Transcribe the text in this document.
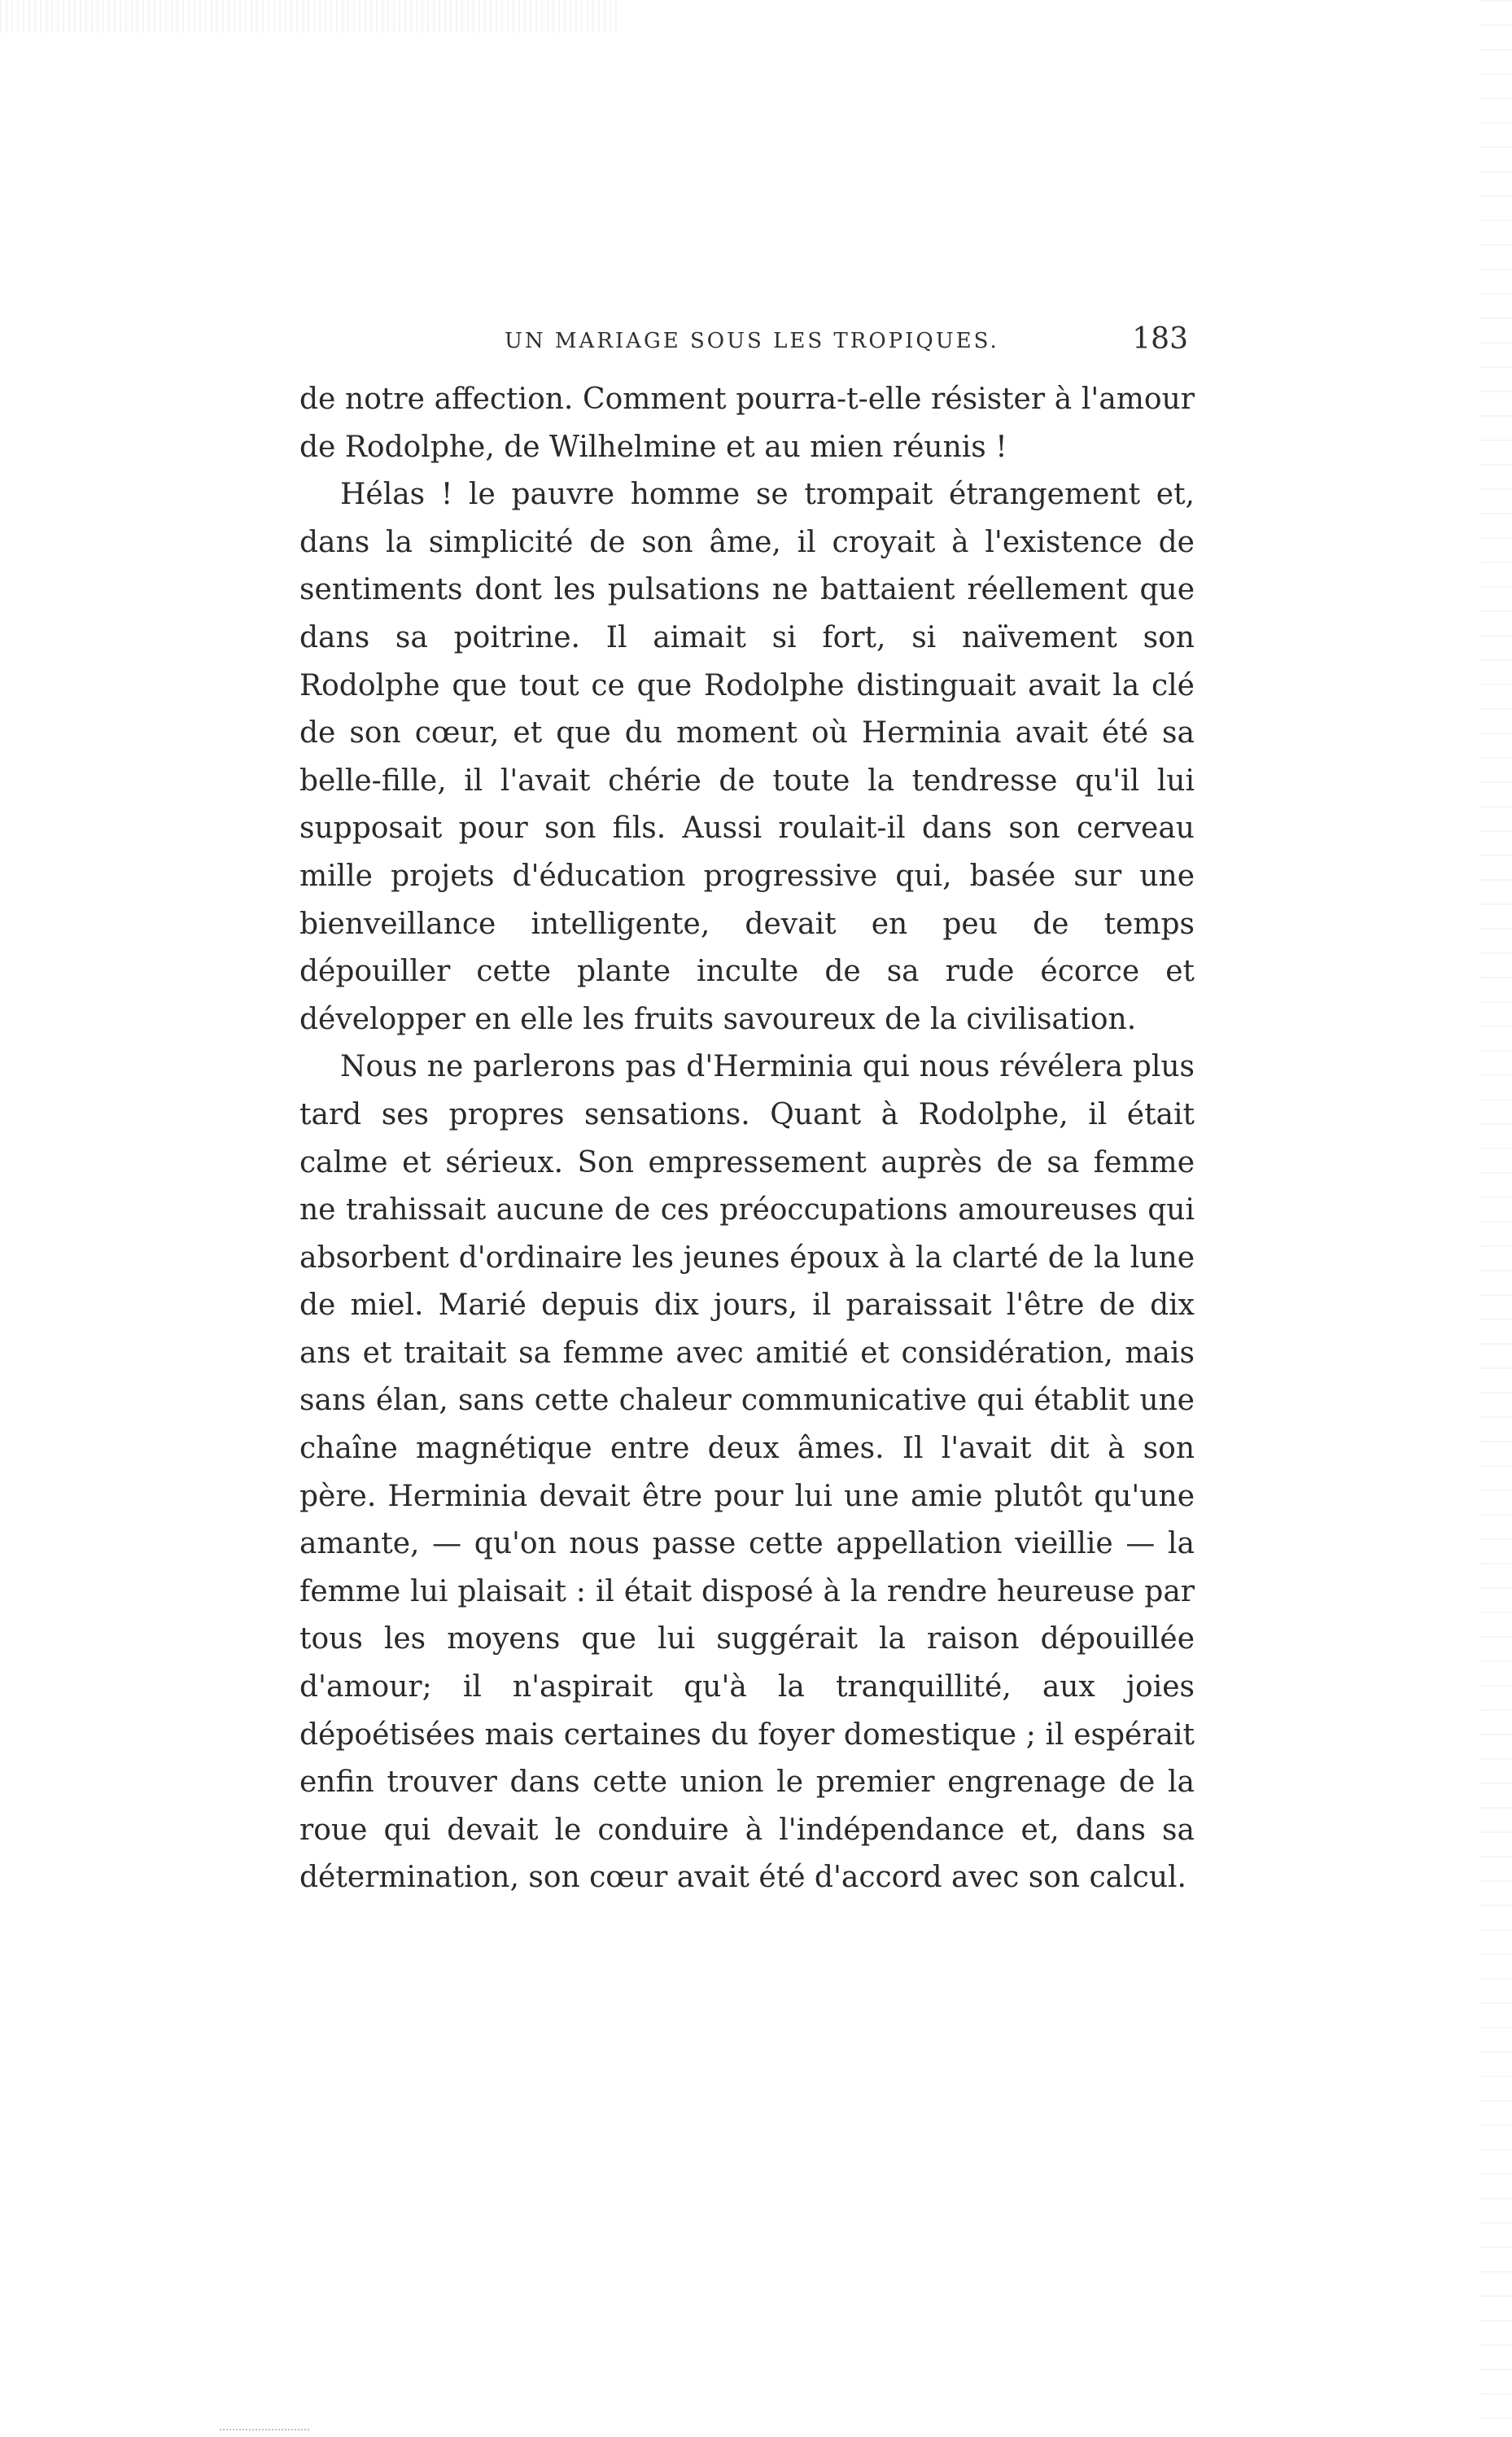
UN MARIAGE SOUS LES TROPIQUES.	183

de notre affection. Comment pourra-t-elle résister à l'amour de Rodolphe, de Wilhelmine et au mien réunis !

Hélas ! le pauvre homme se trompait étrangement et, dans la simplicité de son âme, il croyait à l'existence de sentiments dont les pulsations ne battaient réellement que dans sa poitrine. Il aimait si fort, si naïvement son Rodolphe que tout ce que Rodolphe distinguait avait la clé de son cœur, et que du moment où Herminia avait été sa belle-fille, il l'avait chérie de toute la tendresse qu'il lui supposait pour son fils. Aussi roulait-il dans son cerveau mille projets d'éducation progressive qui, basée sur une bienveillance intelligente, devait en peu de temps dépouiller cette plante inculte de sa rude écorce et développer en elle les fruits savoureux de la civilisation.

Nous ne parlerons pas d'Herminia qui nous révélera plus tard ses propres sensations. Quant à Rodolphe, il était calme et sérieux. Son empressement auprès de sa femme ne trahissait aucune de ces préoccupations amoureuses qui absorbent d'ordinaire les jeunes époux à la clarté de la lune de miel. Marié depuis dix jours, il paraissait l'être de dix ans et traitait sa femme avec amitié et considération, mais sans élan, sans cette chaleur communicative qui établit une chaîne magnétique entre deux âmes. Il l'avait dit à son père. Herminia devait être pour lui une amie plutôt qu'une amante, — qu'on nous passe cette appellation vieillie — la femme lui plaisait : il était disposé à la rendre heureuse par tous les moyens que lui suggérait la raison dépouillée d'amour; il n'aspirait qu'à la tranquillité, aux joies dépoétisées mais certaines du foyer domestique ; il espérait enfin trouver dans cette union le premier engrenage de la roue qui devait le conduire à l'indépendance et, dans sa détermination, son cœur avait été d'accord avec son calcul.
